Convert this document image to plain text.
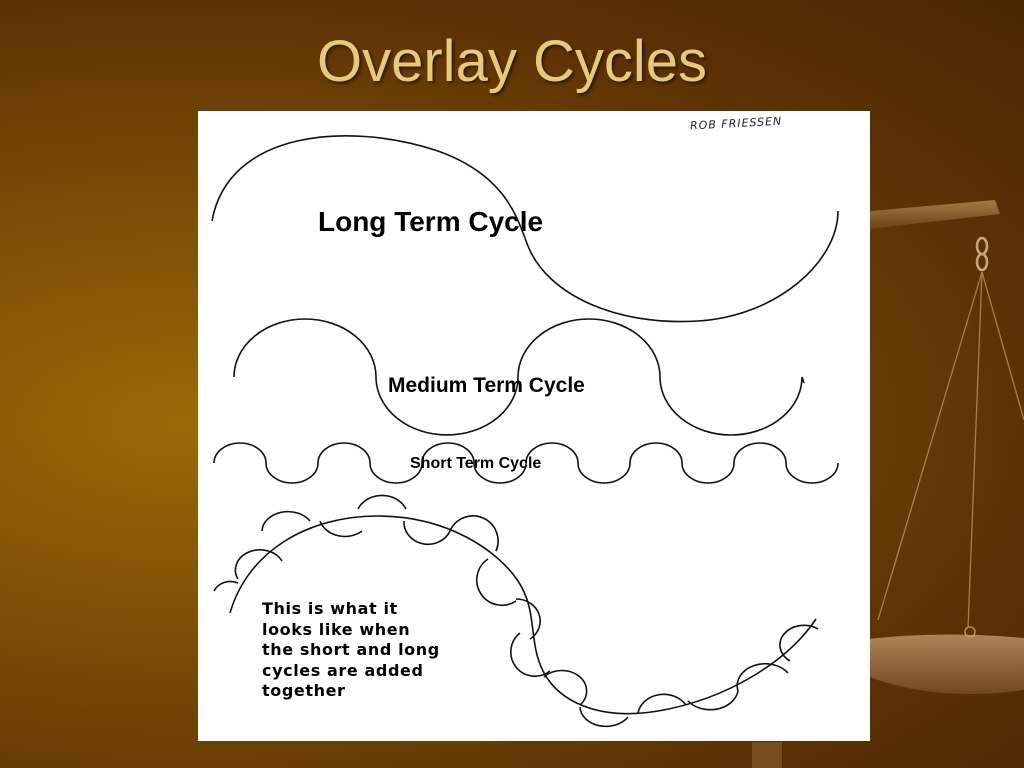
Overlay Cycles
Long Term Cycle
Medium Term Cycle
Short Term Cycle
ROB FRIESSEN
This is what it
looks like when
the short and long
cycles are added
together
